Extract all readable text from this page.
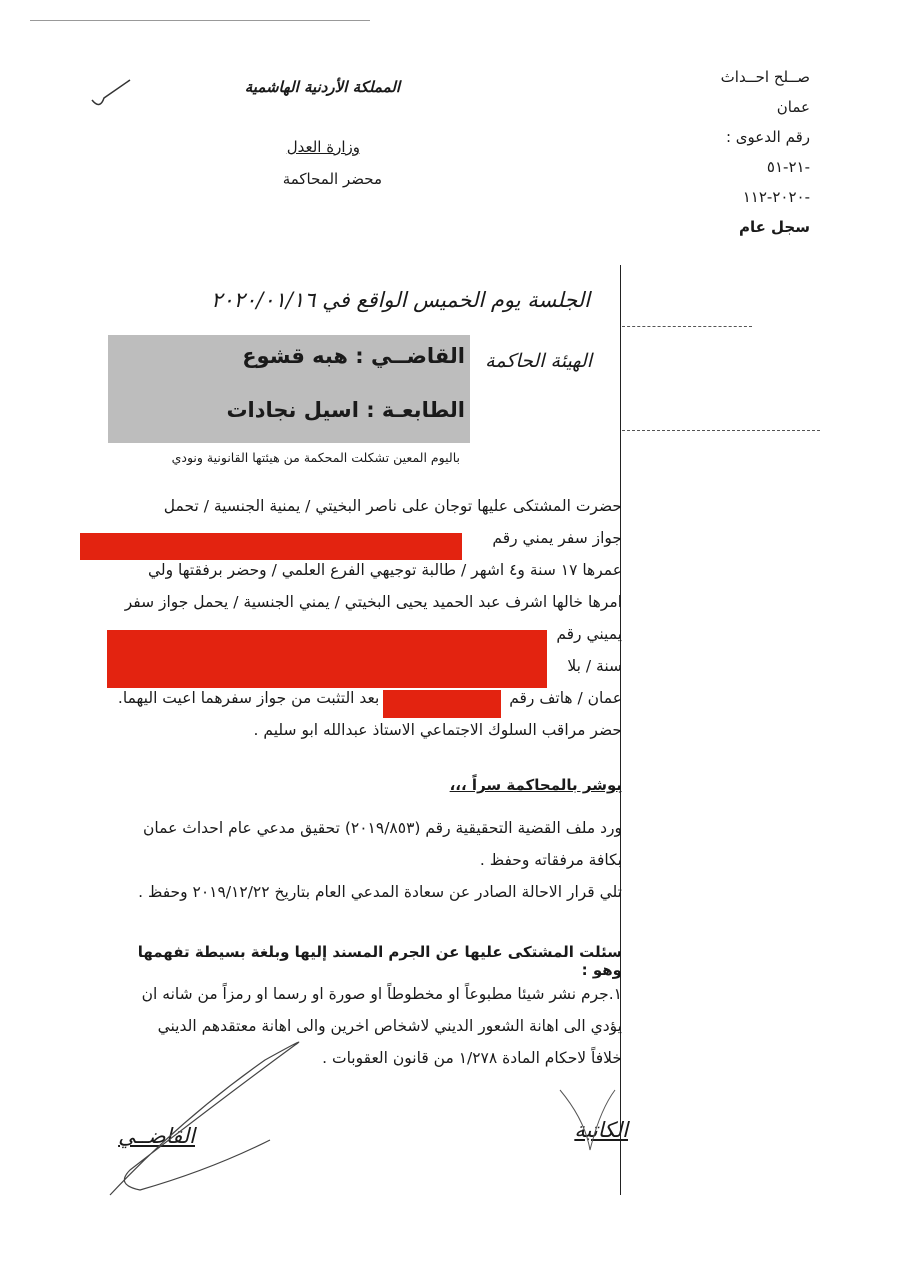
المملكة الأردنية الهاشمية
وزارة العدل
محضر المحاكمة
صــلح احــداث
عمان
رقم الدعوى :
-٢١-٥١
-٢٠٢٠-١١٢
سجل عام
الجلسة يوم الخميس الواقع في ٢٠٢٠/٠١/١٦
القاضــي : هبه قشوع
الطابعـة : اسيل نجادات
الهيئة الحاكمة
باليوم المعين تشكلت المحكمة من هيئتها القانونية ونودي

حضرت المشتكى عليها توجان على ناصر البخيتي / يمنية الجنسية / تحمل

جواز سفر يمني رقم

عمرها ١٧ سنة و٤ اشهر / طالبة توجيهي الفرع العلمي / وحضر برفقتها ولي

امرها خالها اشرف عبد الحميد يحيى البخيتي / يمني الجنسية / يحمل جواز سفر

يميني رقم

سنة / بلا

عمان / هاتف رقم  بعد التثبت من جواز سفرهما اعيت اليهما.

حضر مراقب السلوك الاجتماعي الاستاذ عبدالله ابو سليم .

بوشر بالمحاكمة سراً ،،،

ورد ملف القضية التحقيقية رقم (٢٠١٩/٨٥٣) تحقيق مدعي عام احداث عمان

بكافة مرفقاته وحفظ .

تلي قرار الاحالة الصادر عن سعادة المدعي العام بتاريخ ٢٠١٩/١٢/٢٢ وحفظ .

سئلت المشتكى عليها عن الجرم المسند إليها وبلغة بسيطة تفهمها وهو :

١.جرم نشر شيئا مطبوعاً او مخطوطاً او صورة او رسما او رمزاً من شانه ان

يؤدي الى اهانة الشعور الديني لاشخاص اخرين والى اهانة معتقدهم الديني

خلافاً لاحكام المادة ١/٢٧٨ من قانون العقوبات .

الكاتبة
القاضــي
